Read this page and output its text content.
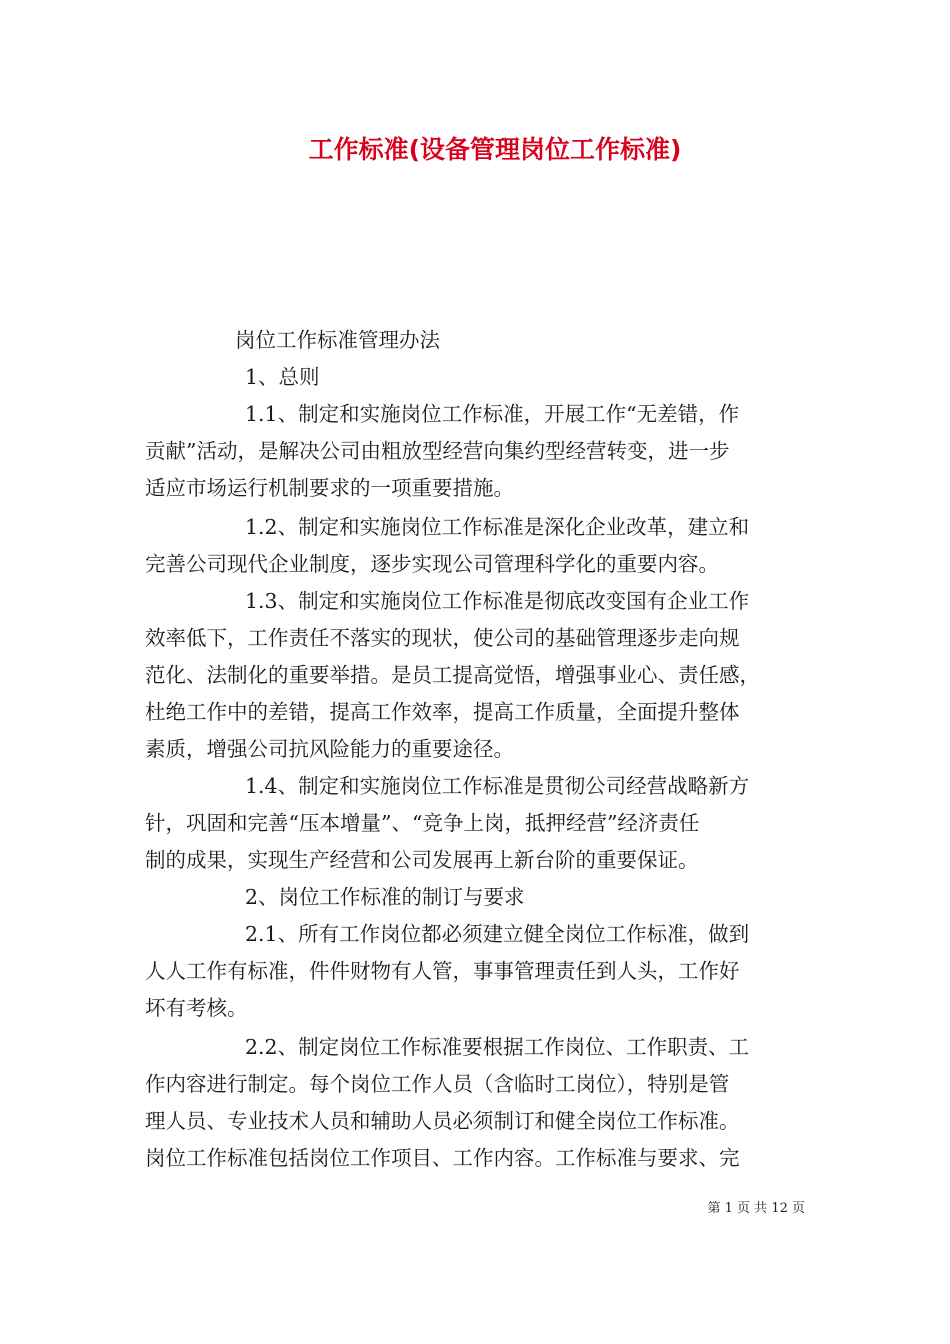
工作标准(设备管理岗位工作标准)
岗位工作标准管理办法
1、总则
1.1、制定和实施岗位工作标准，开展工作“无差错，作
贡献”活动，是解决公司由粗放型经营向集约型经营转变，进一步
适应市场运行机制要求的一项重要措施。
1.2、制定和实施岗位工作标准是深化企业改革，建立和
完善公司现代企业制度，逐步实现公司管理科学化的重要内容。
1.3、制定和实施岗位工作标准是彻底改变国有企业工作
效率低下，工作责任不落实的现状，使公司的基础管理逐步走向规
范化、法制化的重要举措。是员工提高觉悟，增强事业心、责任感，
杜绝工作中的差错，提高工作效率，提高工作质量，全面提升整体
素质，增强公司抗风险能力的重要途径。
1.4、制定和实施岗位工作标准是贯彻公司经营战略新方
针，巩固和完善“压本增量”、“竞争上岗，抵押经营”经济责任
制的成果，实现生产经营和公司发展再上新台阶的重要保证。
2、岗位工作标准的制订与要求
2.1、所有工作岗位都必须建立健全岗位工作标准，做到
人人工作有标准，件件财物有人管，事事管理责任到人头，工作好
坏有考核。
2.2、制定岗位工作标准要根据工作岗位、工作职责、工
作内容进行制定。每个岗位工作人员（含临时工岗位），特别是管
理人员、专业技术人员和辅助人员必须制订和健全岗位工作标准。
岗位工作标准包括岗位工作项目、工作内容。工作标准与要求、完
第 1 页 共 12 页
